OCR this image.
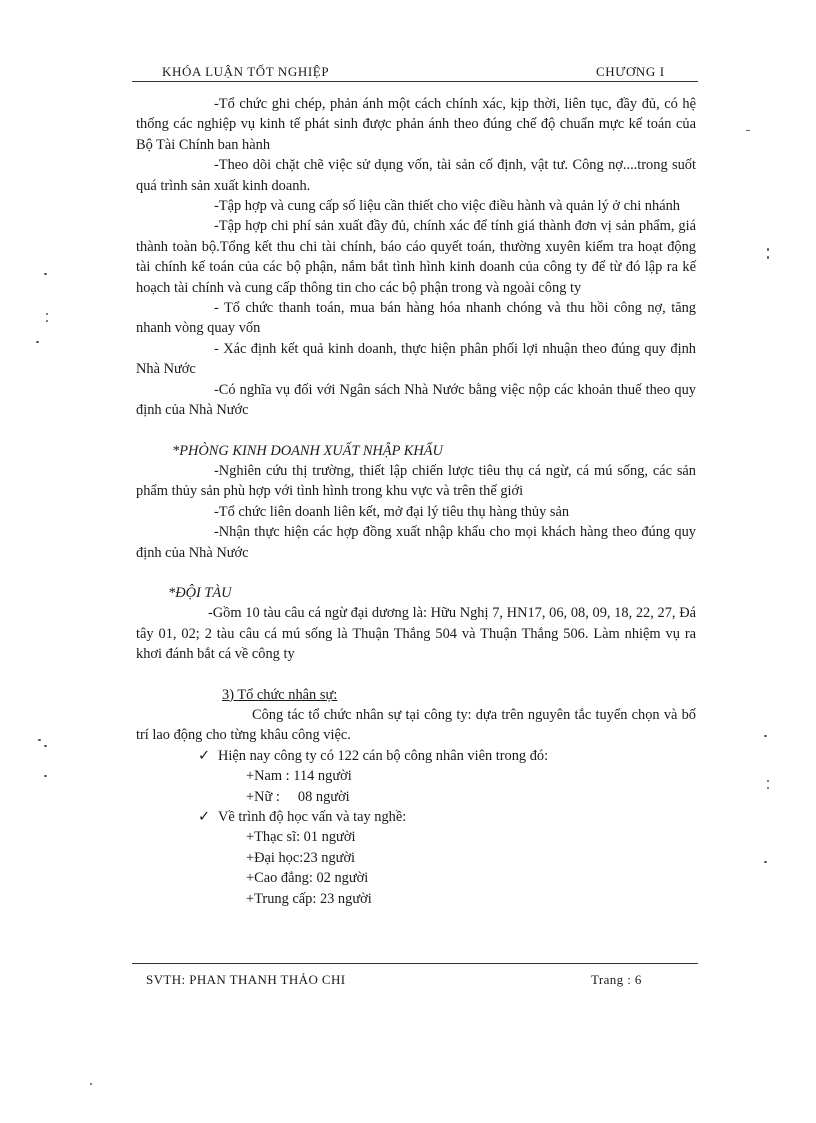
KHÓA LUẬN TỐT NGHIỆP	CHƯƠNG I

-Tổ chức ghi chép, phản ánh một cách chính xác, kịp thời, liên tục, đầy đủ, có hệ thống các nghiệp vụ kinh tế phát sinh được phản ánh theo đúng chế độ chuẩn mực kế toán của Bộ Tài Chính ban hành

-Theo dõi chặt chẽ việc sử dụng vốn, tài sản cố định, vật tư. Công nợ....trong suốt quá trình sản xuất kinh doanh.

-Tập hợp và cung cấp số liệu cần thiết cho việc điều hành và quản lý ở chi nhánh

-Tập hợp chi phí sản xuất đầy đủ, chính xác để tính giá thành đơn vị sản phẩm, giá thành toàn bộ.Tổng kết thu chi tài chính, báo cáo quyết toán, thường xuyên kiểm tra hoạt động tài chính kế toán của các bộ phận, nắm bắt tình hình kinh doanh của công ty để từ đó lập ra kế hoạch tài chính và cung cấp thông tin cho các bộ phận trong và ngoài công ty

- Tổ chức thanh toán, mua bán hàng hóa nhanh chóng và thu hồi công nợ, tăng nhanh vòng quay vốn

- Xác định kết quả kinh doanh, thực hiện phân phối lợi nhuận theo đúng quy định Nhà Nước

-Có nghĩa vụ đối với Ngân sách Nhà Nước bằng việc nộp các khoản thuế theo quy định của Nhà Nước

*PHÒNG KINH DOANH XUẤT NHẬP KHẨU

-Nghiên cứu thị trường, thiết lập chiến lược tiêu thụ cá ngừ, cá mú sống, các sản phẩm thủy sản phù hợp với tình hình trong khu vực và trên thế giới

-Tổ chức liên doanh liên kết, mở đại lý tiêu thụ hàng thủy sản

-Nhận thực hiện các hợp đồng xuất nhập khẩu cho mọi khách hàng theo đúng quy định của Nhà Nước

*ĐỘI TÀU

-Gồm 10 tàu câu cá ngừ đại dương là: Hữu Nghị 7, HN17, 06, 08, 09, 18, 22, 27, Đá tây 01, 02; 2 tàu câu cá mú sống là Thuận Thắng 504 và Thuận Thắng 506. Làm nhiệm vụ ra khơi đánh bắt cá về công ty

3) Tổ chức nhân sự:

Công tác tổ chức nhân sự tại công ty: dựa trên nguyên tắc tuyển chọn và bố trí lao động cho từng khâu công việc.

✓ Hiện nay công ty có 122 cán bộ công nhân viên trong đó:

+Nam : 114 người

+Nữ :     08 người

✓ Về trình độ học vấn và tay nghề:

+Thạc sĩ: 01 người

+Đại học:23 người

+Cao đẳng: 02 người

+Trung cấp: 23 người

SVTH: PHAN THANH THẢO CHI	Trang : 6
